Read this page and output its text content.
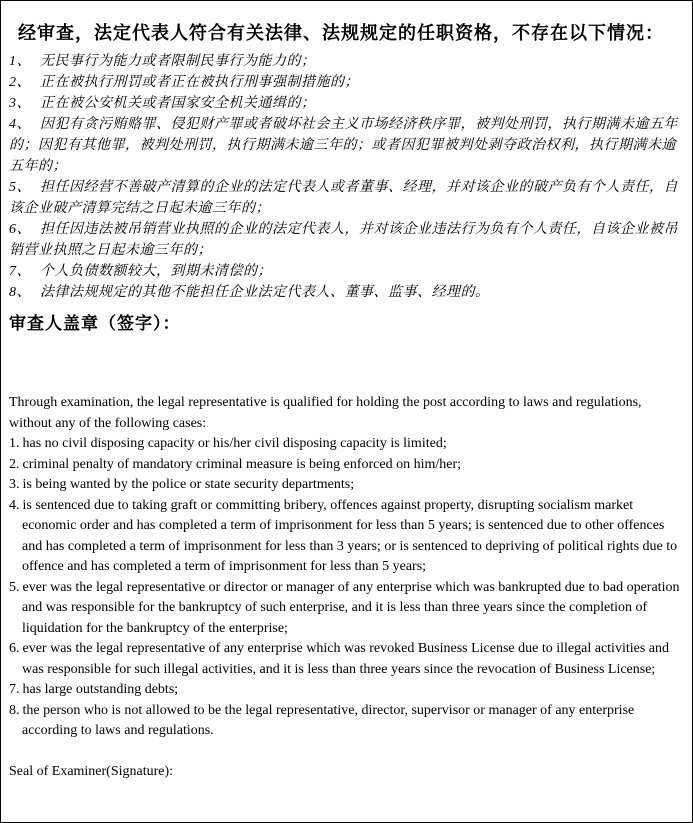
经审查，法定代表人符合有关法律、法规规定的任职资格，不存在以下情况：
1、 无民事行为能力或者限制民事行为能力的；
2、 正在被执行刑罚或者正在被执行刑事强制措施的；
3、 正在被公安机关或者国家安全机关通缉的；
4、 因犯有贪污贿赂罪、侵犯财产罪或者破坏社会主义市场经济秩序罪，被判处刑罚，执行期满未逾五年的；因犯有其他罪，被判处刑罚，执行期满未逾三年的；或者因犯罪被判处剥夺政治权利，执行期满未逾五年的；
5、 担任因经营不善破产清算的企业的法定代表人或者董事、经理，并对该企业的破产负有个人责任，自该企业破产清算完结之日起未逾三年的；
6、 担任因违法被吊销营业执照的企业的法定代表人，并对该企业违法行为负有个人责任，自该企业被吊销营业执照之日起未逾三年的；
7、 个人负债数额较大，到期未清偿的；
8、 法律法规规定的其他不能担任企业法定代表人、董事、监事、经理的。
审查人盖章（签字）：
Through examination, the legal representative is qualified for holding the post according to laws and regulations, without any of the following cases:
1. has no civil disposing capacity or his/her civil disposing capacity is limited;
2. criminal penalty of mandatory criminal measure is being enforced on him/her;
3. is being wanted by the police or state security departments;
4. is sentenced due to taking graft or committing bribery, offences against property, disrupting socialism market economic order and has completed a term of imprisonment for less than 5 years; is sentenced due to other offences and has completed a term of imprisonment for less than 3 years; or is sentenced to depriving of political rights due to offence and has completed a term of imprisonment for less than 5 years;
5. ever was the legal representative or director or manager of any enterprise which was bankrupted due to bad operation and was responsible for the bankruptcy of such enterprise, and it is less than three years since the completion of liquidation for the bankruptcy of the enterprise;
6. ever was the legal representative of any enterprise which was revoked Business License due to illegal activities and was responsible for such illegal activities, and it is less than three years since the revocation of Business License;
7. has large outstanding debts;
8. the person who is not allowed to be the legal representative, director, supervisor or manager of any enterprise according to laws and regulations.
Seal of Examiner(Signature):
